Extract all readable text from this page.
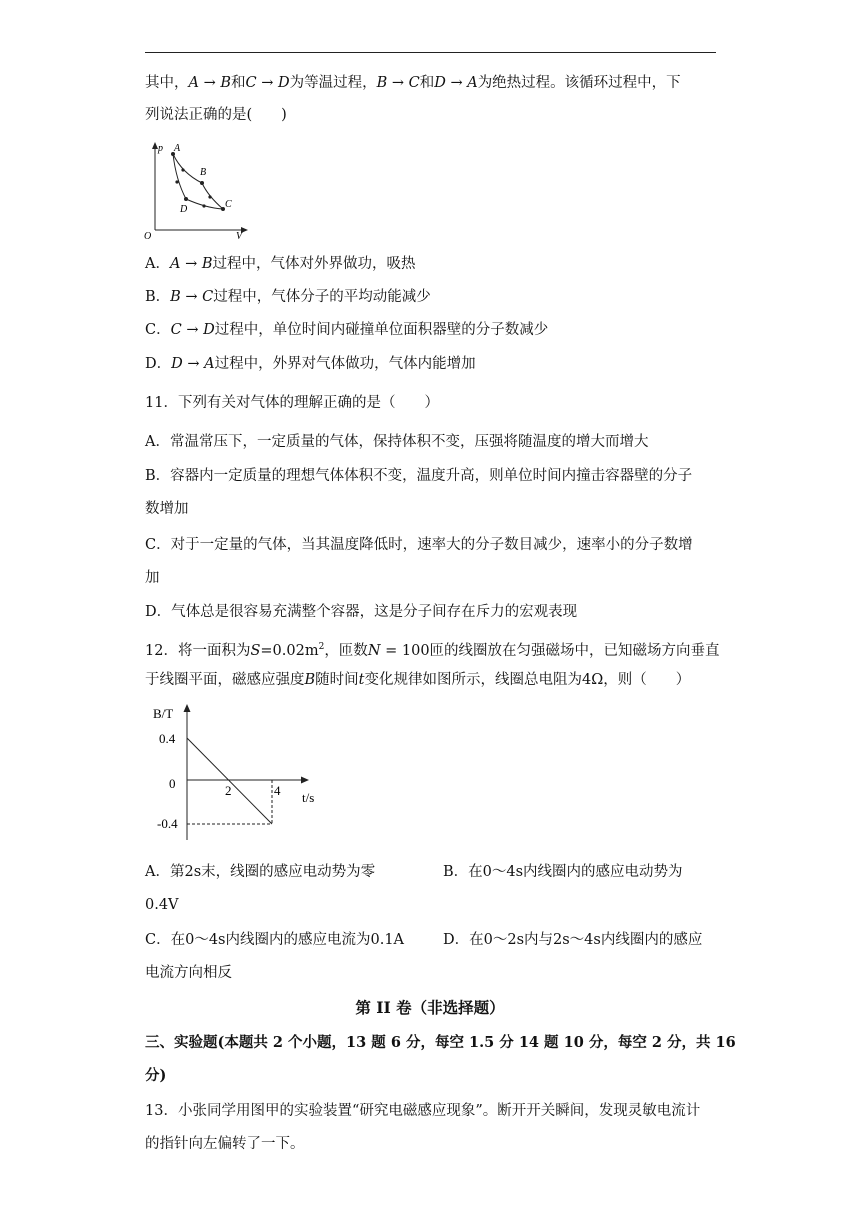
其中，A → B和C → D为等温过程，B → C和D → A为绝热过程。该循环过程中，下
列说法正确的是(　　)
p
V
O
A
B
C
D
A．A → B过程中，气体对外界做功，吸热
B．B → C过程中，气体分子的平均动能减少
C．C → D过程中，单位时间内碰撞单位面积器壁的分子数减少
D．D → A过程中，外界对气体做功，气体内能增加
11．下列有关对气体的理解正确的是（　　）
A．常温常压下，一定质量的气体，保持体积不变，压强将随温度的增大而增大
B．容器内一定质量的理想气体体积不变，温度升高，则单位时间内撞击容器壁的分子
数增加
C．对于一定量的气体，当其温度降低时，速率大的分子数目减少，速率小的分子数增
加
D．气体总是很容易充满整个容器，这是分子间存在斥力的宏观表现
12．将一面积为$S=0.02m^2$，匝数N = 100匝的线圈放在匀强磁场中，已知磁场方向垂直
于线圈平面，磁感应强度B随时间t变化规律如图所示，线圈总电阻为4Ω，则（　　）
B/T
t/s
0.4
0
-0.4
2	4
A．第2s末，线圈的感应电动势为零	B．在0～4s内线圈内的感应电动势为
0.4V
C．在0～4s内线圈内的感应电流为0.1A	D．在0～2s内与2s～4s内线圈内的感应
电流方向相反
第 II 卷（非选择题）
三、实验题(本题共 2 个小题，13 题 6 分，每空 1.5 分 14 题 10 分，每空 2 分，共 16
分)
13．小张同学用图甲的实验装置“研究电磁感应现象”。断开开关瞬间，发现灵敏电流计
的指针向左偏转了一下。
